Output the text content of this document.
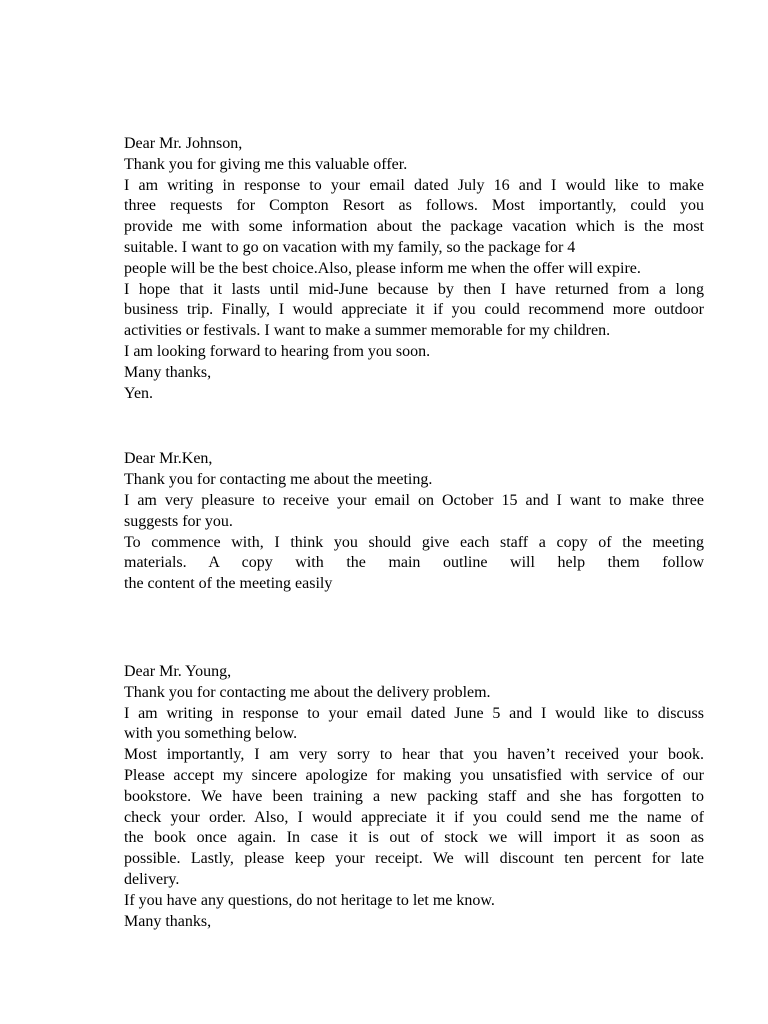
Dear Mr. Johnson,
Thank you for giving me this valuable offer.
I am writing in response to your email dated July 16 and I would like to make
three requests for Compton Resort as follows. Most importantly, could you
provide me with some information about the package vacation which is the most
suitable. I want to go on vacation with my family, so the package for 4
people will be the best choice.Also, please inform me when the offer will expire.
I hope that it lasts until mid-June because by then I have returned from a long
business trip. Finally, I would appreciate it if you could recommend more outdoor
activities or festivals. I want to make a summer memorable for my children.
I am looking forward to hearing from you soon.
Many thanks,
Yen.
Dear Mr.Ken,
Thank you for contacting me about the meeting.
I am very pleasure to receive your email on October 15 and I want to make three
suggests for you.
To commence with, I think you should give each staff a copy of the meeting
materials. A copy with the main outline will help them follow
the content of the meeting easily
Dear Mr. Young,
Thank you for contacting me about the delivery problem.
I am writing in response to your email dated June 5 and I would like to discuss
with you something below.
Most importantly, I am very sorry to hear that you haven’t received your book.
Please accept my sincere apologize for making you unsatisfied with service of our
bookstore. We have been training a new packing staff and she has forgotten to
check your order. Also, I would appreciate it if you could send me the name of
the book once again. In case it is out of stock we will import it as soon as
possible. Lastly, please keep your receipt. We will discount ten percent for late
delivery.
If you have any questions, do not heritage to let me know.
Many thanks,
